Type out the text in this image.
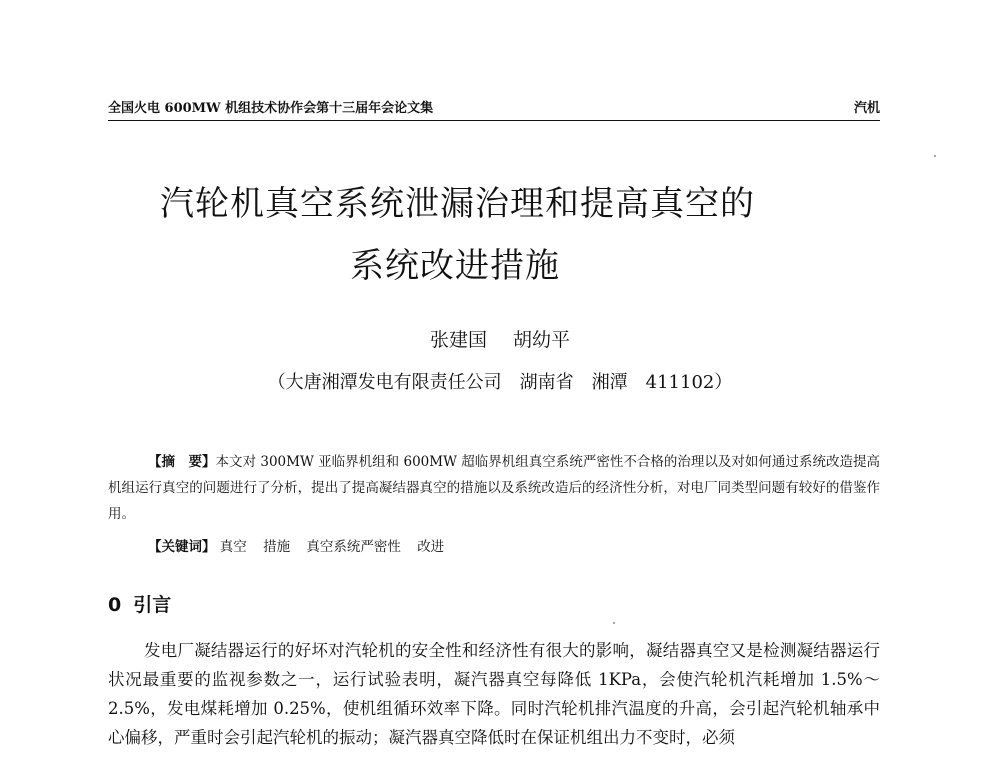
全国火电 600MW 机组技术协作会第十三届年会论文集	汽机
汽轮机真空系统泄漏治理和提高真空的
系统改进措施
张建国 胡幼平
（大唐湘潭发电有限责任公司　湖南省　湘潭　411102）

【摘　要】本文对 300MW 亚临界机组和 600MW 超临界机组真空系统严密性不合格的治理以及对如何通过系统改造提高机组运行真空的问题进行了分析，提出了提高凝结器真空的措施以及系统改造后的经济性分析，对电厂同类型问题有较好的借鉴作用。

【关键词】 真空 措施 真空系统严密性 改进
0 引言

发电厂凝结器运行的好坏对汽轮机的安全性和经济性有很大的影响，凝结器真空又是检测凝结器运行状况最重要的监视参数之一，运行试验表明，凝汽器真空每降低 1KPa，会使汽轮机汽耗增加 1.5%～2.5%，发电煤耗增加 0.25%，使机组循环效率下降。同时汽轮机排汽温度的升高，会引起汽轮机轴承中心偏移，严重时会引起汽轮机的振动；凝汽器真空降低时在保证机组出力不变时，必须
